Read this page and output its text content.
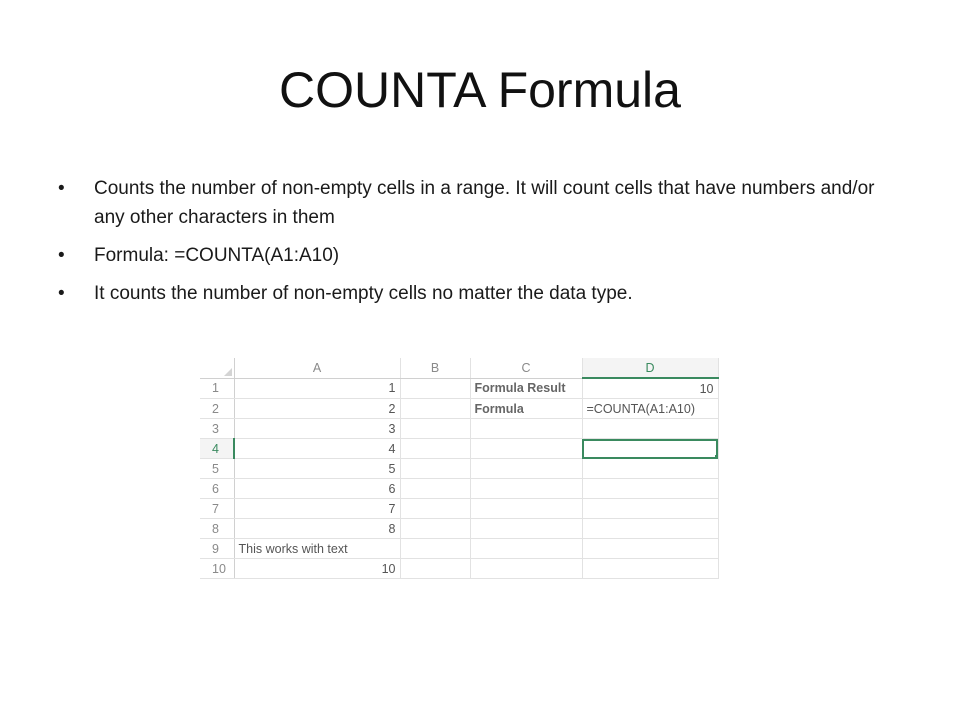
COUNTA Formula
•	Counts the number of non-empty cells in a range. It will count cells that have numbers and/or any other characters in them
•	Formula: =COUNTA(A1:A10)
•	It counts the number of non-empty cells no matter the data type.
	A	B	C	D
1	1		Formula Result	10
2	2		Formula	=COUNTA(A1:A10)
3	3			
4	4			

5	5			
6	6			
7	7			
8	8			
9	This works with text			
10	10			
